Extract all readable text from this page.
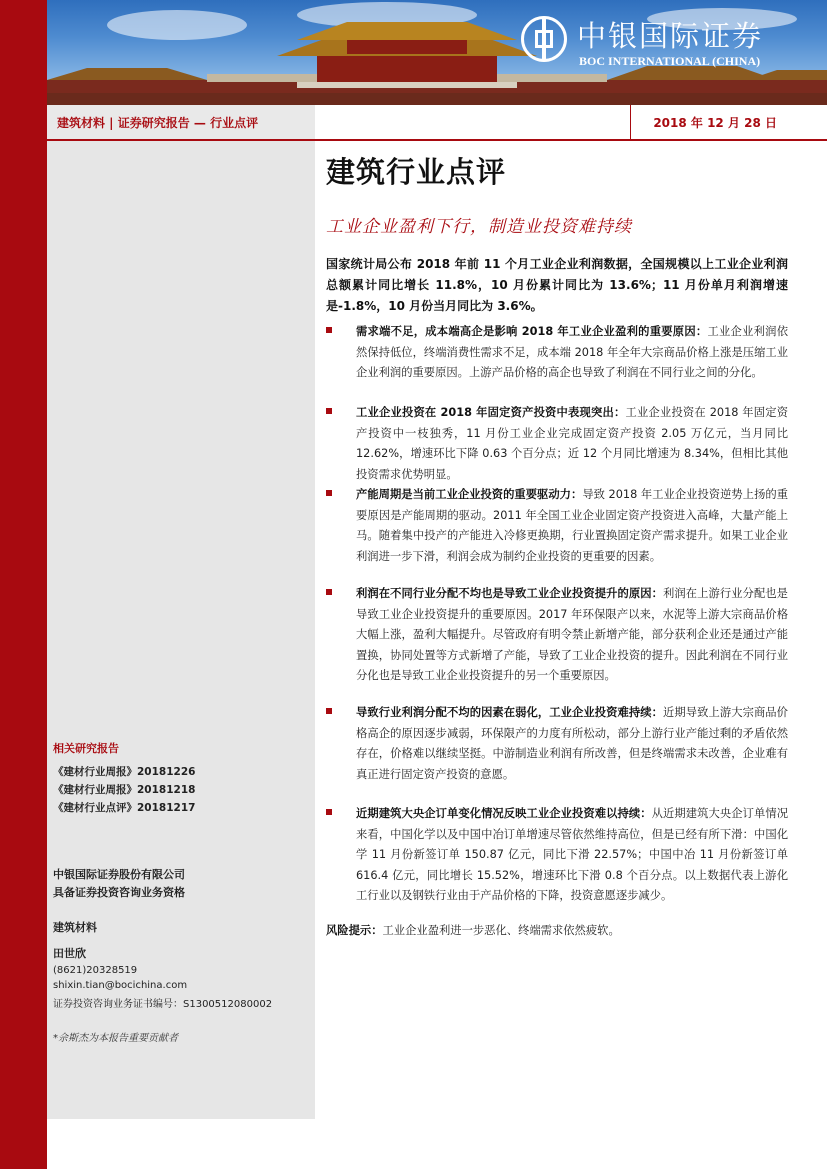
中银国际证券
BOC INTERNATIONAL (CHINA)
建筑材料 | 证券研究报告 — 行业点评	2018 年 12 月 28 日
相关研究报告
《建材行业周报》20181226
《建材行业周报》20181218
《建材行业点评》20181217
中银国际证券股份有限公司
具备证券投资咨询业务资格
建筑材料
田世欣
(8621)20328519
shixin.tian@bocichina.com
证券投资咨询业务证书编号：S1300512080002
*佘斯杰为本报告重要贡献者
建筑行业点评
工业企业盈利下行，制造业投资难持续

国家统计局公布 2018 年前 11 个月工业企业利润数据，全国规模以上工业企业利润总额累计同比增长 11.8%，10 月份累计同比为 13.6%；11 月份单月利润增速是-1.8%，10 月份当月同比为 3.6%。

需求端不足，成本端高企是影响 2018 年工业企业盈利的重要原因：工业企业利润依然保持低位，终端消费性需求不足，成本端 2018 年全年大宗商品价格上涨是压缩工业企业利润的重要原因。上游产品价格的高企也导致了利润在不同行业之间的分化。

工业企业投资在 2018 年固定资产投资中表现突出：工业企业投资在 2018 年固定资产投资中一枝独秀，11 月份工业企业完成固定资产投资 2.05 万亿元，当月同比 12.62%，增速环比下降 0.63 个百分点；近 12 个月同比增速为 8.34%，但相比其他投资需求优势明显。

产能周期是当前工业企业投资的重要驱动力：导致 2018 年工业企业投资逆势上扬的重要原因是产能周期的驱动。2011 年全国工业企业固定资产投资进入高峰，大量产能上马。随着集中投产的产能进入冷修更换期，行业置换固定资产需求提升。如果工业企业利润进一步下滑，利润会成为制约企业投资的更重要的因素。

利润在不同行业分配不均也是导致工业企业投资提升的原因：利润在上游行业分配也是导致工业企业投资提升的重要原因。2017 年环保限产以来，水泥等上游大宗商品价格大幅上涨，盈利大幅提升。尽管政府有明令禁止新增产能，部分获利企业还是通过产能置换，协同处置等方式新增了产能，导致了工业企业投资的提升。因此利润在不同行业分化也是导致工业企业投资提升的另一个重要原因。

导致行业利润分配不均的因素在弱化，工业企业投资难持续：近期导致上游大宗商品价格高企的原因逐步减弱，环保限产的力度有所松动，部分上游行业产能过剩的矛盾依然存在，价格难以继续坚挺。中游制造业利润有所改善，但是终端需求未改善，企业难有真正进行固定资产投资的意愿。

近期建筑大央企订单变化情况反映工业企业投资难以持续：从近期建筑大央企订单情况来看，中国化学以及中国中冶订单增速尽管依然维持高位，但是已经有所下滑：中国化学 11 月份新签订单 150.87 亿元，同比下滑 22.57%；中国中冶 11 月份新签订单 616.4 亿元，同比增长 15.52%，增速环比下滑 0.8 个百分点。以上数据代表上游化工行业以及钢铁行业由于产品价格的下降，投资意愿逐步减少。

风险提示：工业企业盈利进一步恶化、终端需求依然疲软。
